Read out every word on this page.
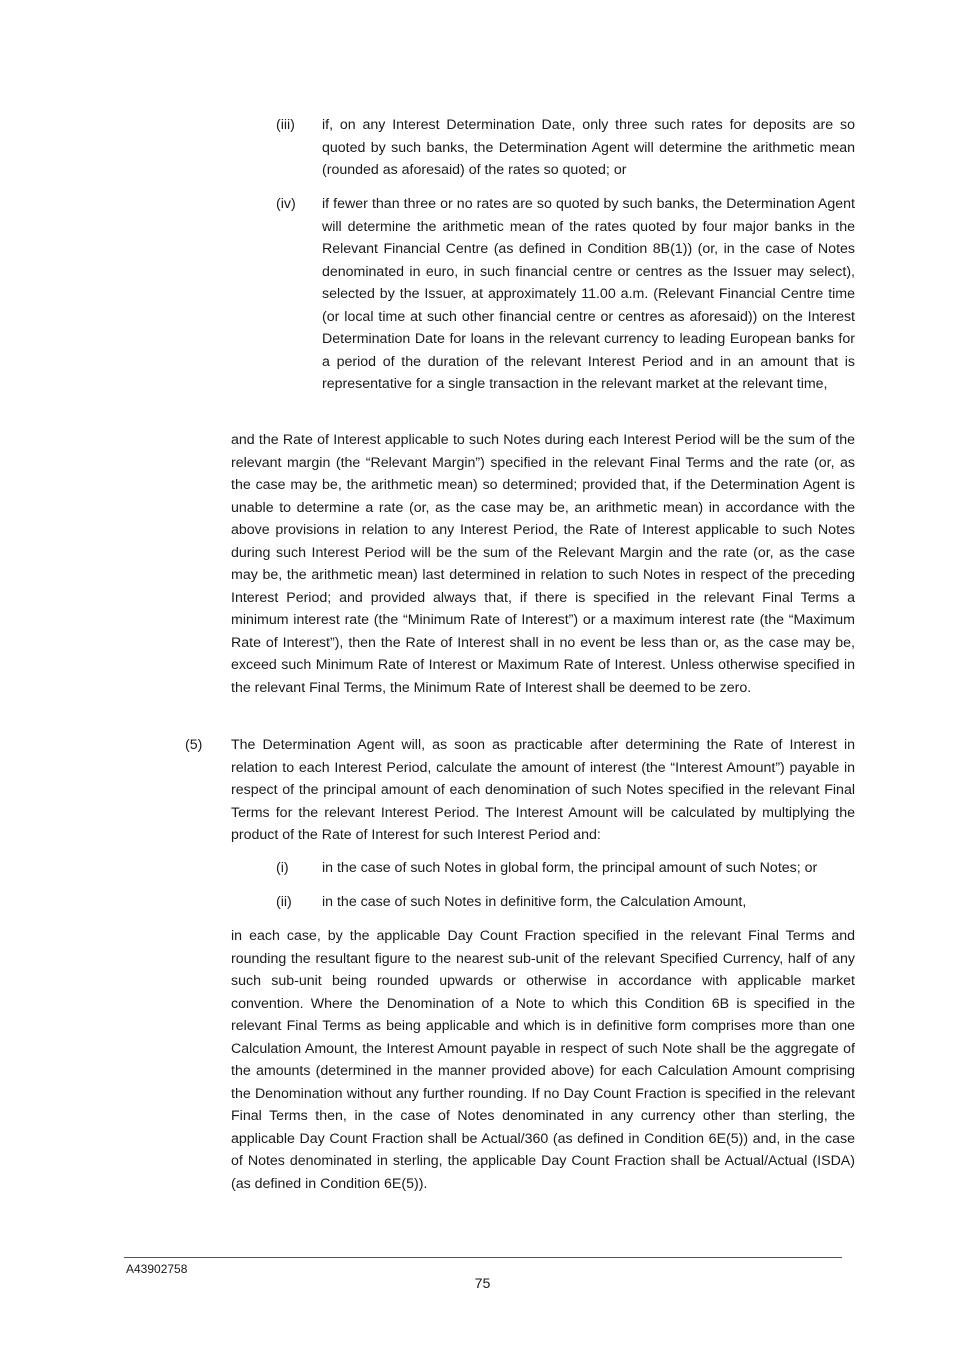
(iii) if, on any Interest Determination Date, only three such rates for deposits are so quoted by such banks, the Determination Agent will determine the arithmetic mean (rounded as aforesaid) of the rates so quoted; or
(iv) if fewer than three or no rates are so quoted by such banks, the Determination Agent will determine the arithmetic mean of the rates quoted by four major banks in the Relevant Financial Centre (as defined in Condition 8B(1)) (or, in the case of Notes denominated in euro, in such financial centre or centres as the Issuer may select), selected by the Issuer, at approximately 11.00 a.m. (Relevant Financial Centre time (or local time at such other financial centre or centres as aforesaid)) on the Interest Determination Date for loans in the relevant currency to leading European banks for a period of the duration of the relevant Interest Period and in an amount that is representative for a single transaction in the relevant market at the relevant time,
and the Rate of Interest applicable to such Notes during each Interest Period will be the sum of the relevant margin (the “Relevant Margin”) specified in the relevant Final Terms and the rate (or, as the case may be, the arithmetic mean) so determined; provided that, if the Determination Agent is unable to determine a rate (or, as the case may be, an arithmetic mean) in accordance with the above provisions in relation to any Interest Period, the Rate of Interest applicable to such Notes during such Interest Period will be the sum of the Relevant Margin and the rate (or, as the case may be, the arithmetic mean) last determined in relation to such Notes in respect of the preceding Interest Period; and provided always that, if there is specified in the relevant Final Terms a minimum interest rate (the “Minimum Rate of Interest”) or a maximum interest rate (the “Maximum Rate of Interest”), then the Rate of Interest shall in no event be less than or, as the case may be, exceed such Minimum Rate of Interest or Maximum Rate of Interest. Unless otherwise specified in the relevant Final Terms, the Minimum Rate of Interest shall be deemed to be zero.
(5) The Determination Agent will, as soon as practicable after determining the Rate of Interest in relation to each Interest Period, calculate the amount of interest (the “Interest Amount”) payable in respect of the principal amount of each denomination of such Notes specified in the relevant Final Terms for the relevant Interest Period. The Interest Amount will be calculated by multiplying the product of the Rate of Interest for such Interest Period and:
(i) in the case of such Notes in global form, the principal amount of such Notes; or
(ii) in the case of such Notes in definitive form, the Calculation Amount,
in each case, by the applicable Day Count Fraction specified in the relevant Final Terms and rounding the resultant figure to the nearest sub-unit of the relevant Specified Currency, half of any such sub-unit being rounded upwards or otherwise in accordance with applicable market convention. Where the Denomination of a Note to which this Condition 6B is specified in the relevant Final Terms as being applicable and which is in definitive form comprises more than one Calculation Amount, the Interest Amount payable in respect of such Note shall be the aggregate of the amounts (determined in the manner provided above) for each Calculation Amount comprising the Denomination without any further rounding. If no Day Count Fraction is specified in the relevant Final Terms then, in the case of Notes denominated in any currency other than sterling, the applicable Day Count Fraction shall be Actual/360 (as defined in Condition 6E(5)) and, in the case of Notes denominated in sterling, the applicable Day Count Fraction shall be Actual/Actual (ISDA) (as defined in Condition 6E(5)).
A43902758
75
